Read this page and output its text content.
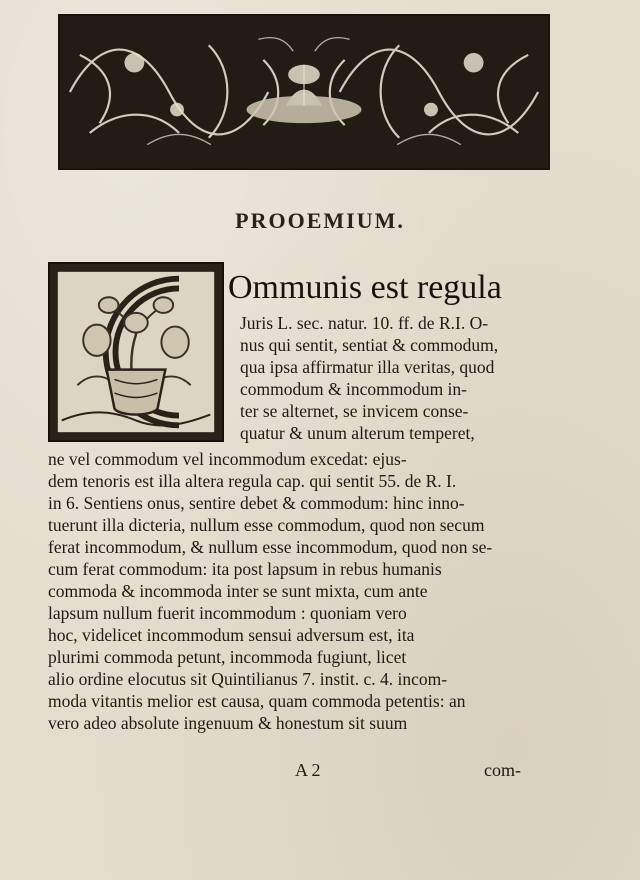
PROOEMIUM.
Ommunis est regula
Juris L. sec. natur. 10. ff. de R.I. O-
nus qui sentit, sentiat & commodum,
qua ipsa affirmatur illa veritas, quod
commodum & incommodum in-
ter se alternet, se invicem conse-
quatur & unum alterum temperet,
ne vel commodum vel incommodum excedat: ejus-
dem tenoris est illa altera regula cap. qui sentit 55. de R. I.
in 6. Sentiens onus, sentire debet & commodum: hinc inno-
tuerunt illa dicteria, nullum esse commodum, quod non secum
ferat incommodum, & nullum esse incommodum, quod non se-
cum ferat commodum: ita post lapsum in rebus humanis
commoda & incommoda inter se sunt mixta, cum ante
lapsum nullum fuerit incommodum : quoniam vero
hoc, videlicet incommodum sensui adversum est, ita
plurimi commoda petunt, incommoda fugiunt, licet
alio ordine elocutus sit Quintilianus 7. instit. c. 4. incom-
moda vitantis melior est causa, quam commoda petentis: an
vero adeo absolute ingenuum & honestum sit suum
A 2	com-
